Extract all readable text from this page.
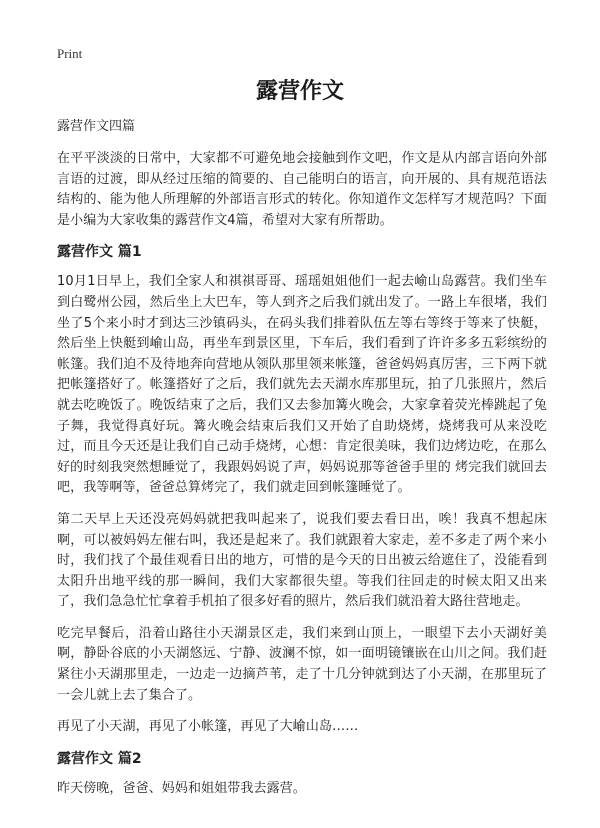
Print
露营作文

露营作文四篇

在平平淡淡的日常中，大家都不可避免地会接触到作文吧，作文是从内部言语向外部言语的过渡，即从经过压缩的简要的、自己能明白的语言，向开展的、具有规范语法结构的、能为他人所理解的外部语言形式的转化。你知道作文怎样写才规范吗？下面是小编为大家收集的露营作文4篇，希望对大家有所帮助。

露营作文 篇1

10月1日早上，我们全家人和祺祺哥哥、瑶瑶姐姐他们一起去崳山岛露营。我们坐车到白鹭州公园，然后坐上大巴车，等人到齐之后我们就出发了。一路上车很堵，我们坐了5个来小时才到达三沙镇码头，在码头我们排着队伍左等右等终于等来了快艇，然后坐上快艇到崳山岛，再坐车到景区里，下车后，我们看到了许许多多五彩缤纷的帐篷。我们迫不及待地奔向营地从领队那里领来帐篷，爸爸妈妈真厉害，三下两下就把帐篷搭好了。帐篷搭好了之后，我们就先去天湖水库那里玩，拍了几张照片，然后就去吃晚饭了。晚饭结束了之后，我们又去参加篝火晚会，大家拿着荧光棒跳起了兔子舞，我觉得真好玩。篝火晚会结束后我们又开始了自助烧烤，烧烤我可从来没吃过，而且今天还是让我们自己动手烧烤，心想：肯定很美味，我们边烤边吃，在那么好的时刻我突然想睡觉了，我跟妈妈说了声，妈妈说那等爸爸手里的 烤完我们就回去吧，我等啊等，爸爸总算烤完了，我们就走回到帐篷睡觉了。

第二天早上天还没亮妈妈就把我叫起来了，说我们要去看日出，唉！我真不想起床啊，可以被妈妈左催右叫，我还是起来了。我们就跟着大家走，差不多走了两个来小时，我们找了个最佳观看日出的地方，可惜的是今天的日出被云给遮住了，没能看到太阳升出地平线的那一瞬间，我们大家都很失望。等我们往回走的时候太阳又出来了，我们急急忙忙拿着手机拍了很多好看的照片，然后我们就沿着大路往营地走。

吃完早餐后，沿着山路往小天湖景区走，我们来到山顶上，一眼望下去小天湖好美啊，静卧谷底的小天湖悠远、宁静、波澜不惊，如一面明镜镶嵌在山川之间。我们赶紧往小天湖那里走，一边走一边摘芦苇，走了十几分钟就到达了小天湖，在那里玩了一会儿就上去了集合了。

再见了小天湖，再见了小帐篷，再见了大崳山岛……

露营作文 篇2

昨天傍晚，爸爸、妈妈和姐姐带我去露营。
